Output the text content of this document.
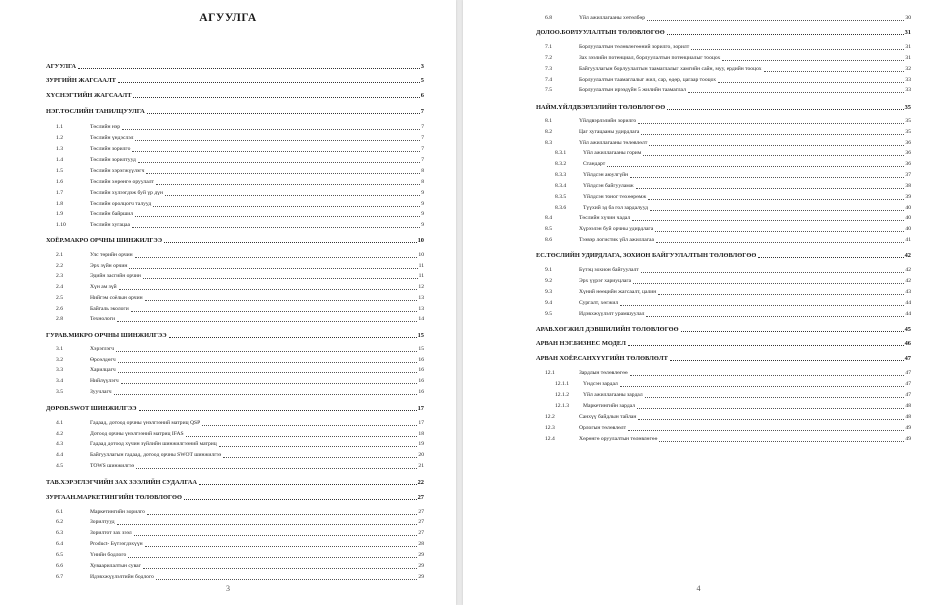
АГУУЛГА
АГУУЛГА	3
ЗУРГИЙН ЖАГСААЛТ	5
ХҮСНЭГТИЙН ЖАГСААЛТ	6
НЭГ.ТӨСЛИЙН ТАНИЛЦУУЛГА	7
1.1	Төслийн нэр	7
1.2	Төслийн үндэслэл	7
1.3	Төслийн зорилго	7
1.4	Төслийн зорилтууд	7
1.5	Төслийн хэрэгжүүлэгч	8
1.6	Төслийн хөрөнгө оруулалт	8
1.7	Төслийн хүлээгдэж буй үр дүн	9
1.8	Төслийн оролцогч талууд	9
1.9	Төслийн байршил	9
1.10	Төслийн хугацаа	9
ХОЁР.МАКРО ОРЧНЫ ШИНЖИЛГЭЭ	10
2.1	Улс төрийн орчин	10
2.2	Эрх зүйн орчин	11
2.3	Эдийн засгийн орчин	11
2.4	Хүн ам зүй	12
2.5	Нийгэм соёлын орчин	13
2.6	Байгаль экологи	13
2.8	Технологи	14
ГУРАВ.МИКРО ОРЧНЫ ШИНЖИЛГЭЭ	15
3.1	Хэрэглэгч	15
3.2	Өрсөлдөгч	16
3.3	Харилцагч	16
3.4	Нийлүүлэгч	16
3.5	Зуучлагч	16
ДӨРӨВ.SWOT ШИНЖИЛГЭЭ	17
4.1	Гадаад, дотоод орчны үнэлгээний матриц QSP	17
4.2	Дотоод орчны үнэлгээний матриц IFAS	18
4.3	Гадаад дотоод хүчин зүйлийн шинжилгээний матриц	19
4.4	Байгууллагын гадаад, дотоод орчны SWOT шинжилгээ	20
4.5	TOWS шинжилгээ	21
ТАВ.ХЭРЭГЛЭГЧИЙН ЗАХ ЗЭЭЛИЙН СУДАЛГАА	22
ЗУРГААН.МАРКЕТИНГИЙН ТӨЛӨВЛӨГӨӨ	27
6.1	Маркетингийн зорилго	27
6.2	Зорилтууд	27
6.3	Зорилтот зах зээл	27
6.4	Product- Бүтээгдэхүүн	28
6.5	Үнийн бодлого	29
6.6	Хуваарилалтын суваг	29
6.7	Идэвхжүүлэлтийн бодлого	29
3
6.8	Үйл ажиллагааны хөтөлбөр	30
ДОЛОО.БОРЛУУЛАЛТЫН ТӨЛӨВЛӨГӨӨ	31
7.1	Борлуулалтын төлөвлөгөөний зорилго, зорилт	31
7.2	Зах зээлийн потенциал, борлуулалтын потенциалыг тооцох	31
7.3	Байгууллагын борлуулалтын таамаглалыг хамгийн сайн, муу, ердийн тооцох	32
7.4	Борлуулалтын таамаглалыг жил, сар, өдөр, цагаар тооцох	33
7.5	Борлуулалтын ирээдүйн 5 жилийн таамаглал	33
НАЙМ.ҮЙЛДВЭРЛЭЛИЙН ТӨЛӨВЛӨГӨӨ	35
8.1	Үйлдвэрлэлийн зорилго	35
8.2	Цаг хугацааны удирдлага	35
8.3	Үйл ажиллагааны төлөвлөлт	36
8.3.1	Үйл ажиллагааны горим	36
8.3.2	Стандарт	36
8.3.3	Үйлдсэн аюулгүйн	37
8.3.4	Үйлдсэн байгууламж	38
8.3.5	Үйлдсэн тоног төхөөрөмж	39
8.3.6	Түүхий эд ба гол зардалууд	40
8.4	Төслийн хүчин чадал	40
8.5	Хүрээлэн буй орчны удирдлага	40
8.6	Тээвэр логистик үйл ажиллагаа	41
ЕС.ТӨСЛИЙН УДИРДЛАГА, ЗОХИОН БАЙГУУЛАЛТЫН ТӨЛӨВЛӨГӨӨ	42
9.1	Бүтэц зохион байгуулалт	42
9.2	Эрх үүрэг хариуцлага	42
9.3	Хүний нөөцийн жагсаалт, цалин	43
9.4	Сургалт, хөгжил	44
9.5	Идэвхжүүлэлт урамшуулал	44
АРАВ.ХӨГЖИЛ ДЭВШИЛИЙН ТӨЛӨВЛӨГӨӨ	45
АРВАН НЭГ.БИЗНЕС МОДЕЛ	46
АРВАН ХОЁР.САНХҮҮГИЙН ТӨЛӨВЛӨЛТ	47
12.1	Зардлын төлөвлөгөө	47
12.1.1	Үндсэн зардал	47
12.1.2	Үйл ажиллагааны зардал	47
12.1.3	Маркетингийн зардал	48
12.2	Санхүү байдлын тайлан	48
12.3	Орлогын төлөвлөлт	49
12.4	Хөрөнгө оруулалтын төлөвлөгөө	49
4
